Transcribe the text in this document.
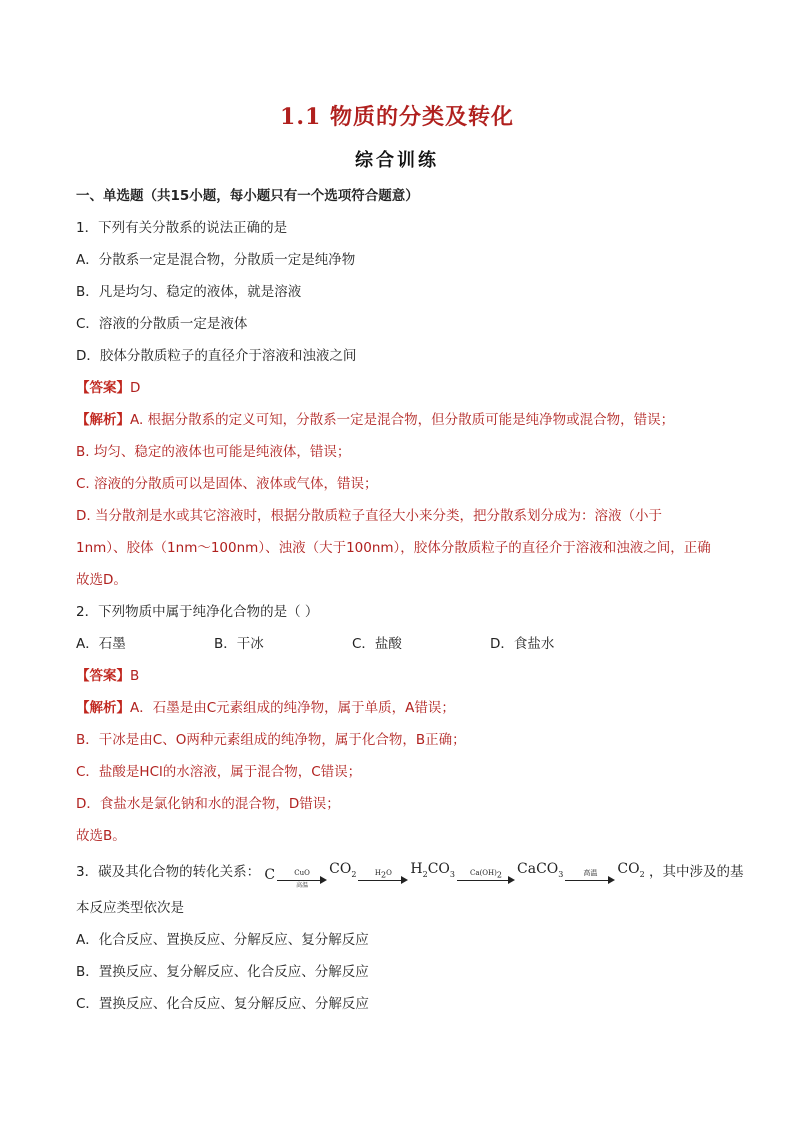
1.1 物质的分类及转化
综合训练
一、单选题（共15小题，每小题只有一个选项符合题意）
1．下列有关分散系的说法正确的是
A．分散系一定是混合物，分散质一定是纯净物
B．凡是均匀、稳定的液体，就是溶液
C．溶液的分散质一定是液体
D．胶体分散质粒子的直径介于溶液和浊液之间
【答案】D
【解析】A. 根据分散系的定义可知，分散系一定是混合物，但分散质可能是纯净物或混合物，错误；
B. 均匀、稳定的液体也可能是纯液体，错误；
C. 溶液的分散质可以是固体、液体或气体，错误；
D. 当分散剂是水或其它溶液时，根据分散质粒子直径大小来分类，把分散系划分成为：溶液（小于
1nm）、胶体（1nm～100nm）、浊液（大于100nm），胶体分散质粒子的直径介于溶液和浊液之间，正确
故选D。
2．下列物质中属于纯净化合物的是（ ）
A．石墨	B．干冰	C．盐酸	D．食盐水
【答案】B
【解析】A．石墨是由C元素组成的纯净物，属于单质，A错误；
B．干冰是由C、O两种元素组成的纯净物，属于化合物，B正确；
C．盐酸是HCl的水溶液，属于混合物，C错误；
D．食盐水是氯化钠和水的混合物，D错误；
故选B。
3．碳及其化合物的转化关系： C	CuO
高温
$CO_2$	$H_2O$	$H_2CO_3$	$Ca(OH)_2$	CaCO$_3$	高温	$CO_2$ ，其中涉及的基
本反应类型依次是
A．化合反应、置换反应、分解反应、复分解反应
B．置换反应、复分解反应、化合反应、分解反应
C．置换反应、化合反应、复分解反应、分解反应
